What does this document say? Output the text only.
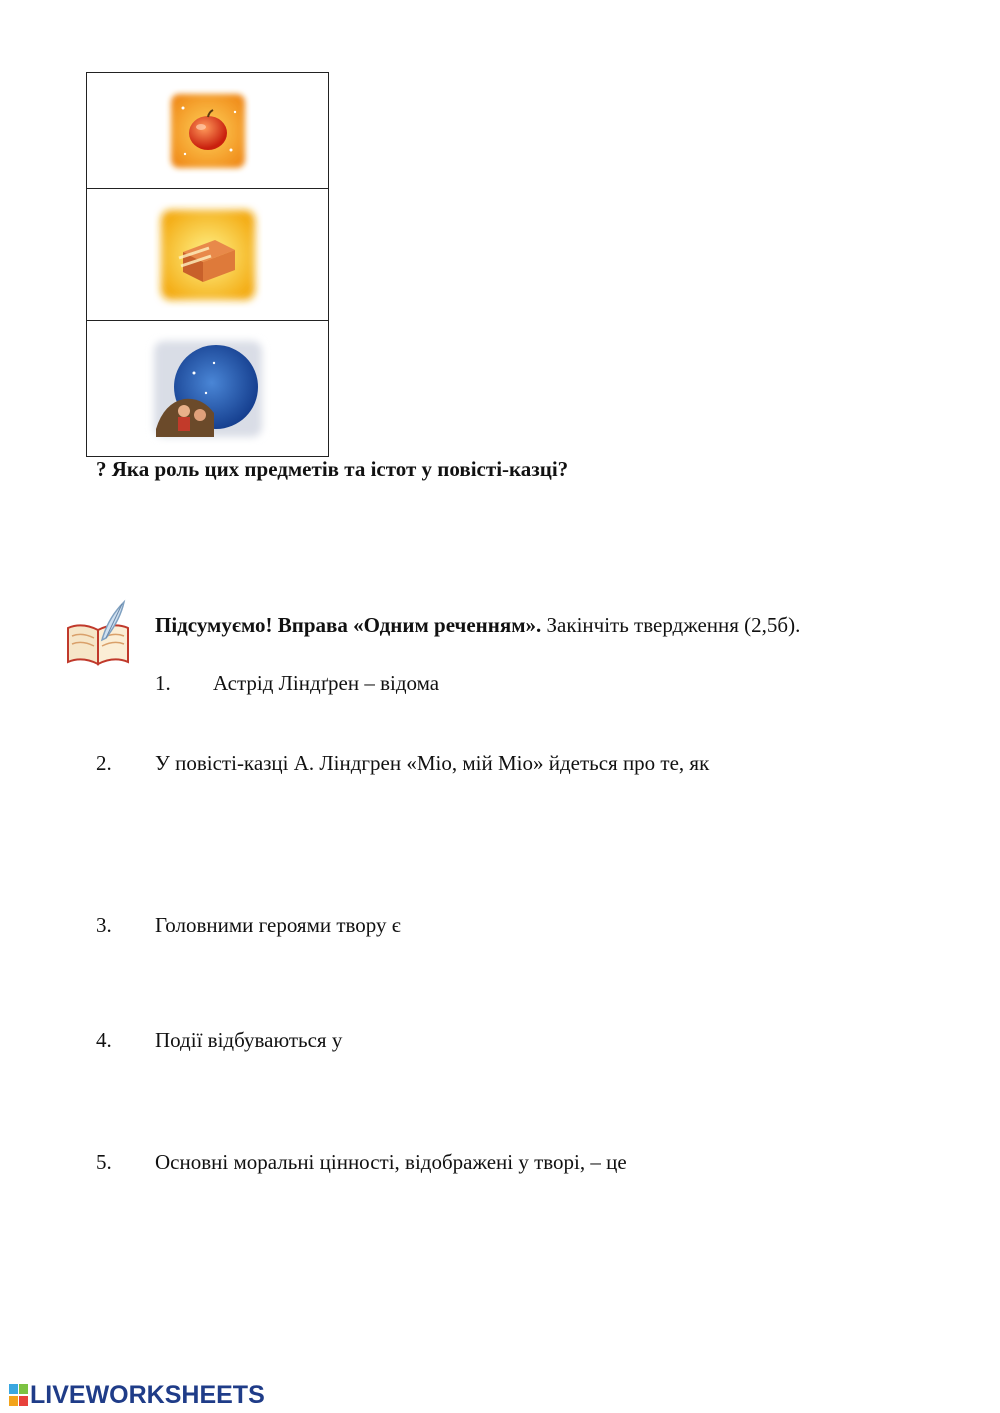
? Яка роль цих предметів та істот у повісті-казці?
Підсумуємо! Вправа «Одним реченням». Закінчіть твердження (2,5б).
1. Астрід Ліндґрен – відома
2. У повісті-казці А. Ліндгрен «Міо, мій Міо» йдеться про те, як
3. Головними героями твору є
4. Події відбуваються у
5. Основні моральні цінності, відображені у творі, – це
LIVEWORKSHEETS
